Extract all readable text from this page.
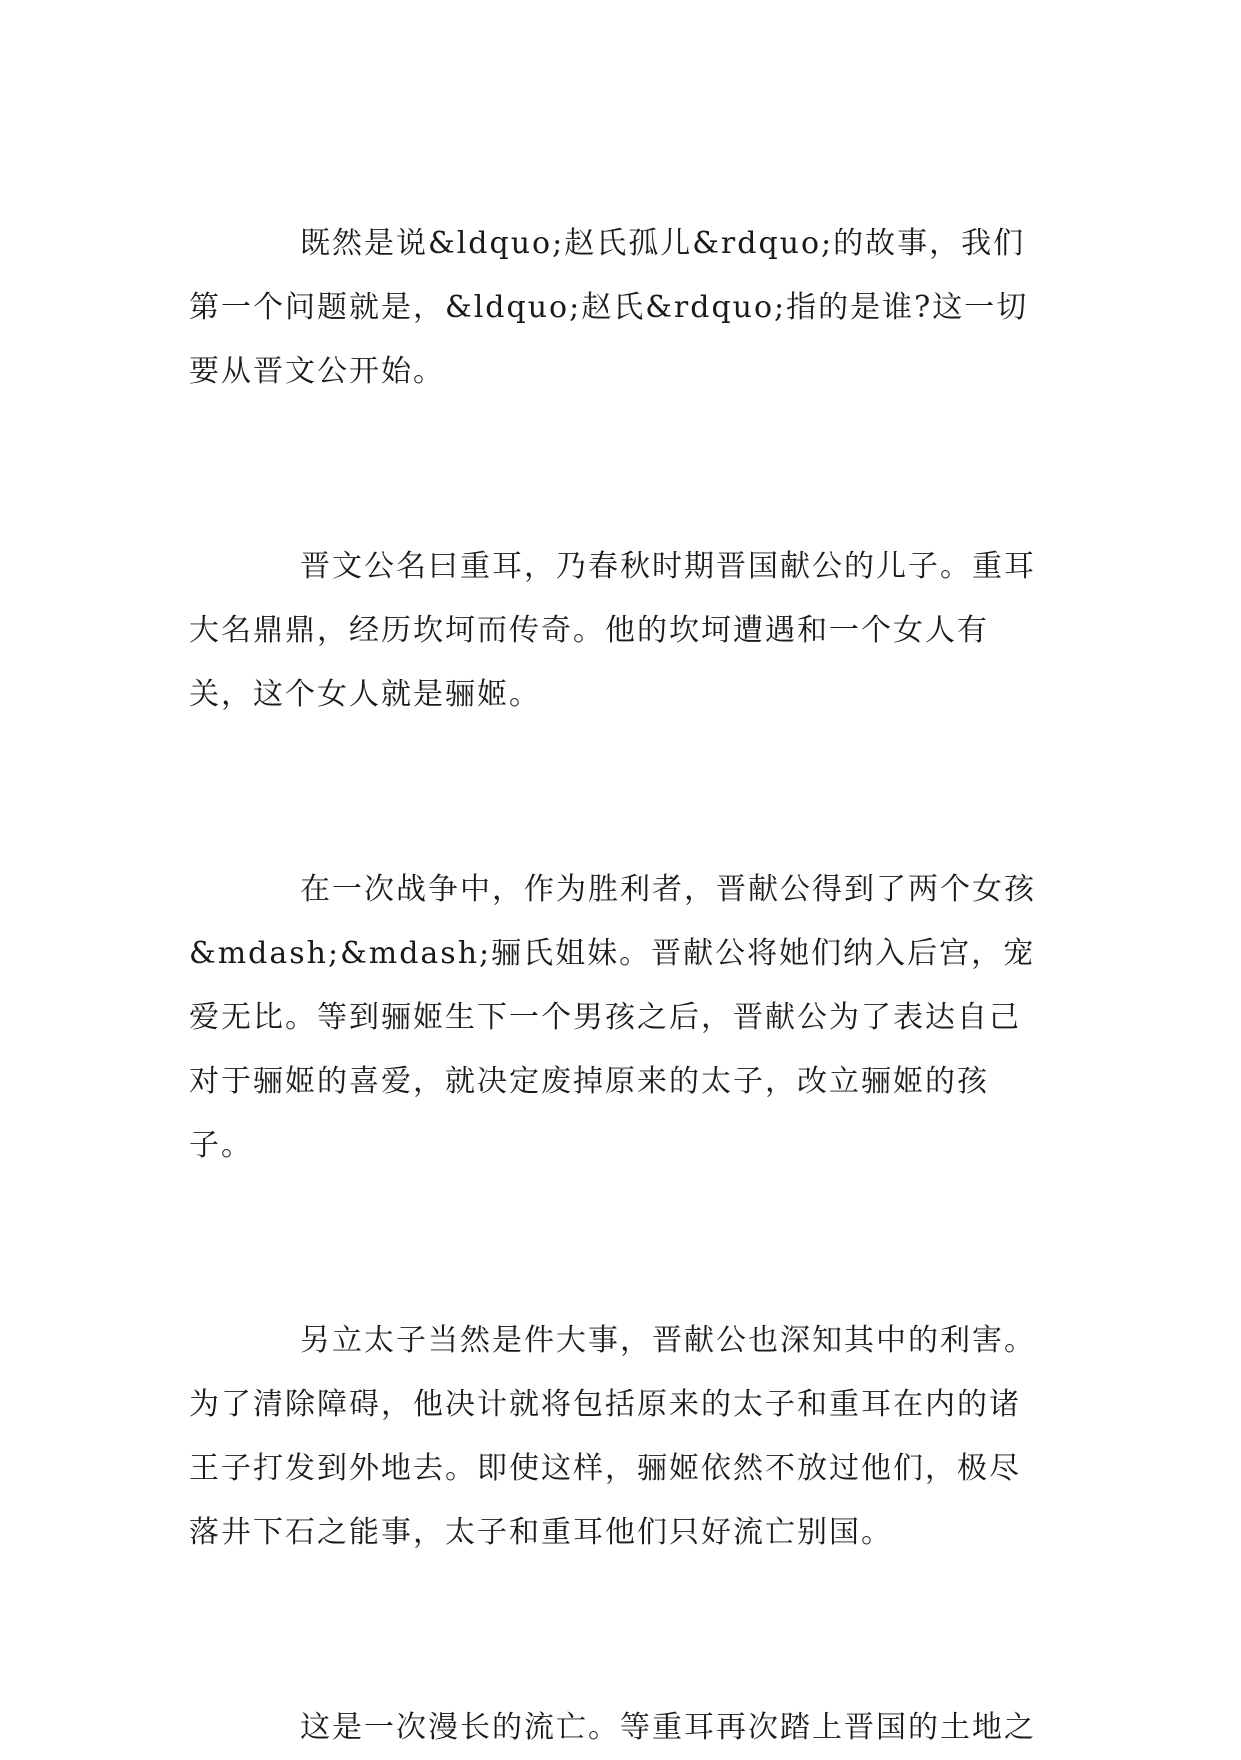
既然是说&ldquo;赵氏孤儿&rdquo;的故事，我们第一个问题就是，&ldquo;赵氏&rdquo;指的是谁?这一切要从晋文公开始。

晋文公名曰重耳，乃春秋时期晋国献公的儿子。重耳大名鼎鼎，经历坎坷而传奇。他的坎坷遭遇和一个女人有关，这个女人就是骊姬。

在一次战争中，作为胜利者，晋献公得到了两个女孩&mdash;&mdash;骊氏姐妹。晋献公将她们纳入后宫，宠爱无比。等到骊姬生下一个男孩之后，晋献公为了表达自己对于骊姬的喜爱，就决定废掉原来的太子，改立骊姬的孩子。

另立太子当然是件大事，晋献公也深知其中的利害。为了清除障碍，他决计就将包括原来的太子和重耳在内的诸王子打发到外地去。即使这样，骊姬依然不放过他们，极尽落井下石之能事，太子和重耳他们只好流亡别国。

这是一次漫长的流亡。等重耳再次踏上晋国的土地之
